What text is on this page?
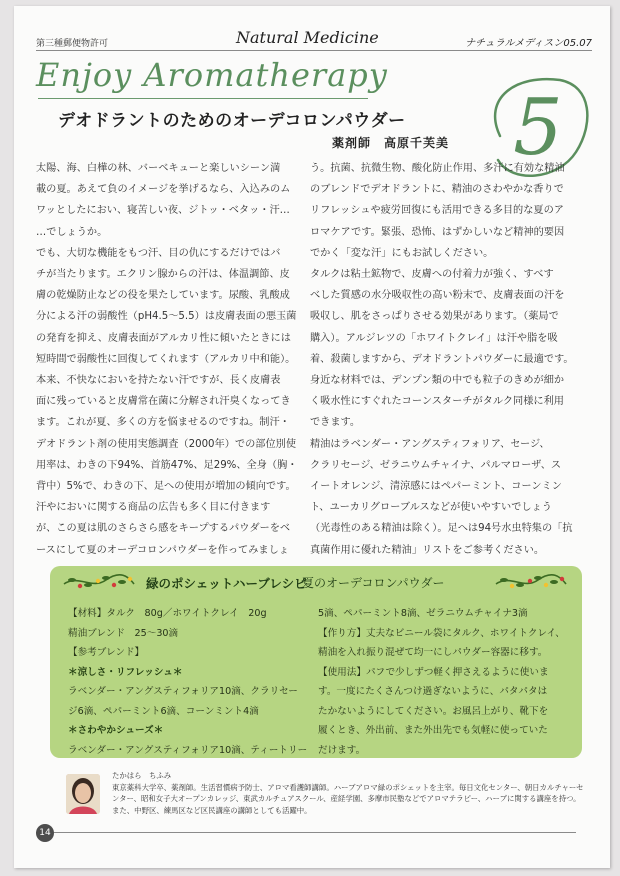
第三種郵便物許可	Natural Medicine	ナチュラルメディスン05.07
Enjoy Aromatherapy
5
デオドラントのためのオーデコロンパウダー
薬剤師　高原千芙美
太陽、海、白樺の林、バーベキューと楽しいシーン満
載の夏。あえて負のイメージを挙げるなら、入込みのム
ワッとしたにおい、寝苦しい夜、ジトッ・ベタッ・汗…
…でしょうか。
でも、大切な機能をもつ汗、目の仇にするだけではバ
チが当たります。エクリン腺からの汗は、体温調節、皮
膚の乾燥防止などの役を果たしています。尿酸、乳酸成
分による汗の弱酸性（pH4.5～5.5）は皮膚表面の悪玉菌
の発育を抑え、皮膚表面がアルカリ性に傾いたときには
短時間で弱酸性に回復してくれます（アルカリ中和能）。
本来、不快なにおいを持たない汗ですが、長く皮膚表
面に残っていると皮膚常在菌に分解され汗臭くなってき
ます。これが夏、多くの方を悩ませるのですね。制汗・
デオドラント剤の使用実態調査（2000年）での部位別使
用率は、わきの下94%、首筋47%、足29%、全身（胸・
背中）5%で、わきの下、足への使用が増加の傾向です。
汗やにおいに関する商品の広告も多く目に付きます
が、この夏は肌のさらさら感をキープするパウダーをベ
ースにして夏のオーデコロンパウダーを作ってみましょ
う。抗菌、抗微生物、酸化防止作用、多汗に有効な精油
のブレンドでデオドラントに、精油のさわやかな香りで
リフレッシュや疲労回復にも活用できる多目的な夏のア
ロマケアです。緊張、恐怖、はずかしいなど精神的要因
でかく「変な汗」にもお試しください。
タルクは粘土鉱物で、皮膚への付着力が強く、すべす
べした質感の水分吸収性の高い粉末で、皮膚表面の汗を
吸収し、肌をさっぱりさせる効果があります。（薬局で
購入）。アルジレツの「ホワイトクレイ」は汗や脂を吸
着、殺菌しますから、デオドラントパウダーに最適です。
身近な材料では、デンプン類の中でも粒子のきめが細か
く吸水性にすぐれたコーンスターチがタルク同様に利用
できます。
精油はラベンダー・アングスティフォリア、セージ、
クラリセージ、ゼラニウムチャイナ、パルマローザ、ス
イートオレンジ、清涼感にはペパーミント、コーンミン
ト、ユーカリグローブルスなどが使いやすいでしょう
（光毒性のある精油は除く）。足へは94号水虫特集の「抗
真菌作用に優れた精油」リストをご参考ください。
緑のポシェットハーブレシピ
夏のオーデコロンパウダー
【材料】タルク　80g／ホワイトクレイ　20g
精油ブレンド　25～30滴
【参考ブレンド】
＊涼しさ・リフレッシュ＊
ラベンダー・アングスティフォリア10滴、クラリセー
ジ6滴、ペパーミント6滴、コーンミント4滴
＊さわやかシューズ＊
ラベンダー・アングスティフォリア10滴、ティートリー
5滴、ペパーミント8滴、ゼラニウムチャイナ3滴
【作り方】丈夫なビニール袋にタルク、ホワイトクレイ、
精油を入れ振り混ぜて均一にしパウダー容器に移す。
【使用法】パフで少しずつ軽く押さえるように使いま
す。一度にたくさんつけ過ぎないように、パタパタは
たかないようにしてください。お風呂上がり、靴下を
履くとき、外出前、また外出先でも気軽に使っていた
だけます。
たかはら　ちふみ
東京薬科大学卒、薬剤師。生活習慣病予防士、アロマ看護師講師。ハーブアロマ緑のポシェットを主宰。毎日文化センター、朝日カルチャーセ
ンター、昭和女子大オープンカレッジ、東武カルチュアスクール、産経学園、多摩市民塾などでアロマテラピー、ハーブに関する講座を持つ。
また、中野区、練馬区など区民講座の講師としても活躍中。
14
